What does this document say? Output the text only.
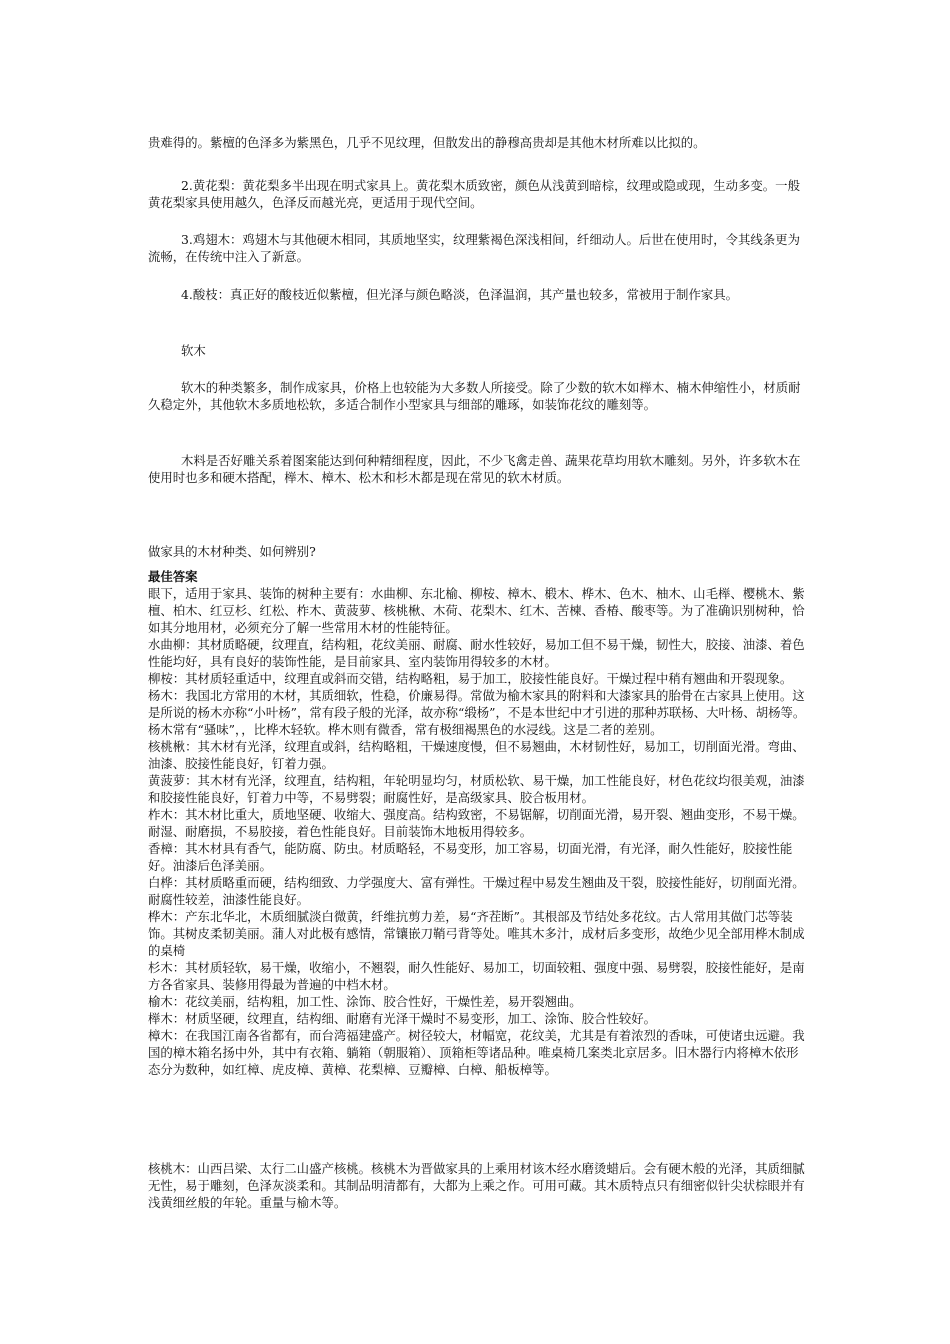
贵难得的。紫檀的色泽多为紫黑色，几乎不见纹理，但散发出的静穆高贵却是其他木材所难以比拟的。

2.黄花梨：黄花梨多半出现在明式家具上。黄花梨木质致密，颜色从浅黄到暗棕，纹理或隐或现，生动多变。一般黄花梨家具使用越久，色泽反而越光亮，更适用于现代空间。

3.鸡翅木：鸡翅木与其他硬木相同，其质地坚实，纹理紫褐色深浅相间，纤细动人。后世在使用时，令其线条更为流畅，在传统中注入了新意。

4.酸枝：真正好的酸枝近似紫檀，但光泽与颜色略淡，色泽温润，其产量也较多，常被用于制作家具。

软木

软木的种类繁多，制作成家具，价格上也较能为大多数人所接受。除了少数的软木如榉木、楠木伸缩性小，材质耐久稳定外，其他软木多质地松软，多适合制作小型家具与细部的雕琢，如装饰花纹的雕刻等。

木料是否好雕关系着图案能达到何种精细程度，因此，不少飞禽走兽、蔬果花草均用软木雕刻。另外，许多软木在使用时也多和硬木搭配，榉木、樟木、松木和杉木都是现在常见的软木材质。

做家具的木材种类、如何辨别?

最佳答案

眼下，适用于家具、装饰的树种主要有：水曲柳、东北榆、柳桉、樟木、椴木、桦木、色木、柚木、山毛榉、樱桃木、紫檀、柏木、红豆杉、红松、柞木、黄菠萝、核桃楸、木荷、花梨木、红木、苦楝、香椿、酸枣等。为了准确识别树种，恰如其分地用材，必须充分了解一些常用木材的性能特征。

水曲柳：其材质略硬，纹理直，结构粗，花纹美丽、耐腐、耐水性较好，易加工但不易干燥，韧性大，胶接、油漆、着色性能均好，具有良好的装饰性能，是目前家具、室内装饰用得较多的木材。

柳桉：其材质轻重适中，纹理直或斜而交错，结构略粗，易于加工，胶接性能良好。干燥过程中稍有翘曲和开裂现象。

杨木：我国北方常用的木材，其质细软，性稳，价廉易得。常做为榆木家具的附料和大漆家具的胎骨在古家具上使用。这是所说的杨木亦称“小叶杨”，常有段子般的光泽，故亦称“缎杨”，不是本世纪中才引进的那种苏联杨、大叶杨、胡杨等。杨木常有“骚味”，，比桦木轻软。桦木则有微香，常有极细褐黑色的水浸线。这是二者的差别。

核桃楸：其木材有光泽，纹理直或斜，结构略粗，干燥速度慢，但不易翘曲，木材韧性好，易加工，切削面光滑。弯曲、油漆、胶接性能良好，钉着力强。

黄菠萝：其木材有光泽，纹理直，结构粗，年轮明显均匀，材质松软、易干燥，加工性能良好，材色花纹均很美观，油漆和胶接性能良好，钉着力中等，不易劈裂；耐腐性好，是高级家具、胶合板用材。

柞木：其木材比重大，质地坚硬、收缩大、强度高。结构致密，不易锯解，切削面光滑，易开裂、翘曲变形，不易干燥。耐湿、耐磨损，不易胶接，着色性能良好。目前装饰木地板用得较多。

香樟：其木材具有香气，能防腐、防虫。材质略轻，不易变形，加工容易，切面光滑，有光泽，耐久性能好，胶接性能好。油漆后色泽美丽。

白桦：其材质略重而硬，结构细致、力学强度大、富有弹性。干燥过程中易发生翘曲及干裂，胶接性能好，切削面光滑。耐腐性较差，油漆性能良好。

桦木：产东北华北，木质细腻淡白微黄，纤维抗剪力差，易“齐茬断”。其根部及节结处多花纹。古人常用其做门芯等装饰。其树皮柔韧美丽。蒲人对此极有感情，常镶嵌刀鞘弓背等处。唯其木多汁，成材后多变形，故绝少见全部用桦木制成的桌椅

杉木：其材质轻软，易干燥，收缩小，不翘裂，耐久性能好、易加工，切面较粗、强度中强、易劈裂，胶接性能好，是南方各省家具、装修用得最为普遍的中档木材。

榆木：花纹美丽，结构粗，加工性、涂饰、胶合性好，干燥性差，易开裂翘曲。

榉木：材质坚硬，纹理直，结构细、耐磨有光泽干燥时不易变形，加工、涂饰、胶合性较好。

樟木：在我国江南各省都有，而台湾福建盛产。树径较大，材幅宽，花纹美，尤其是有着浓烈的香味，可使诸虫远避。我国的樟木箱名扬中外，其中有衣箱、躺箱（朝服箱）、顶箱柜等诸品种。唯桌椅几案类北京居多。旧木器行内将樟木依形态分为数种，如红樟、虎皮樟、黄樟、花梨樟、豆瓣樟、白樟、船板樟等。

核桃木：山西吕梁、太行二山盛产核桃。核桃木为晋做家具的上乘用材该木经水磨烫蜡后。会有硬木般的光泽，其质细腻无性，易于雕刻，色泽灰淡柔和。其制品明清都有，大都为上乘之作。可用可藏。其木质特点只有细密似针尖状棕眼并有浅黄细丝般的年轮。重量与榆木等。
